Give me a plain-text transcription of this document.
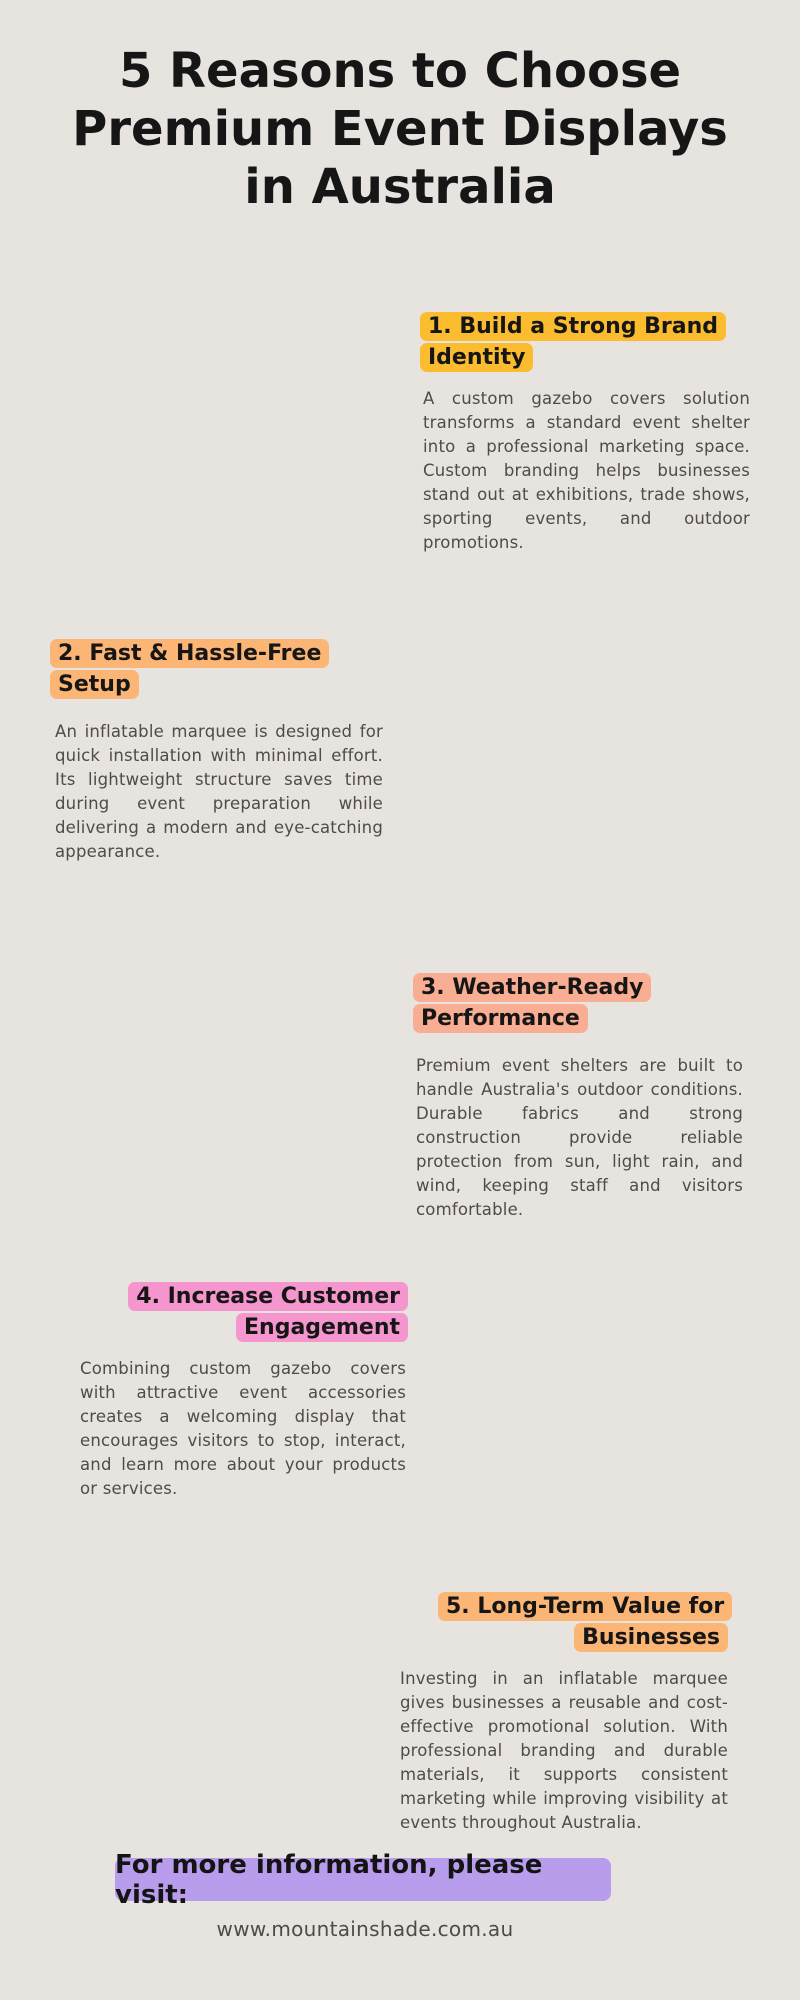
5 Reasons to Choose Premium Event Displays in Australia
1. Build a Strong Brand Identity

A custom gazebo covers solution transforms a standard event shelter into a professional marketing space. Custom branding helps businesses stand out at exhibitions, trade shows, sporting events, and outdoor promotions.

2. Fast & Hassle-Free Setup

An inflatable marquee is designed for quick installation with minimal effort. Its lightweight structure saves time during event preparation while delivering a modern and eye-catching appearance.

3. Weather-Ready Performance

Premium event shelters are built to handle Australia's outdoor conditions. Durable fabrics and strong construction provide reliable protection from sun, light rain, and wind, keeping staff and visitors comfortable.

4. Increase Customer Engagement

Combining custom gazebo covers with attractive event accessories creates a welcoming display that encourages visitors to stop, interact, and learn more about your products or services.

5. Long-Term Value for Businesses

Investing in an inflatable marquee gives businesses a reusable and cost-effective promotional solution. With professional branding and durable materials, it supports consistent marketing while improving visibility at events throughout Australia.

For more information, please visit:
www.mountainshade.com.au
